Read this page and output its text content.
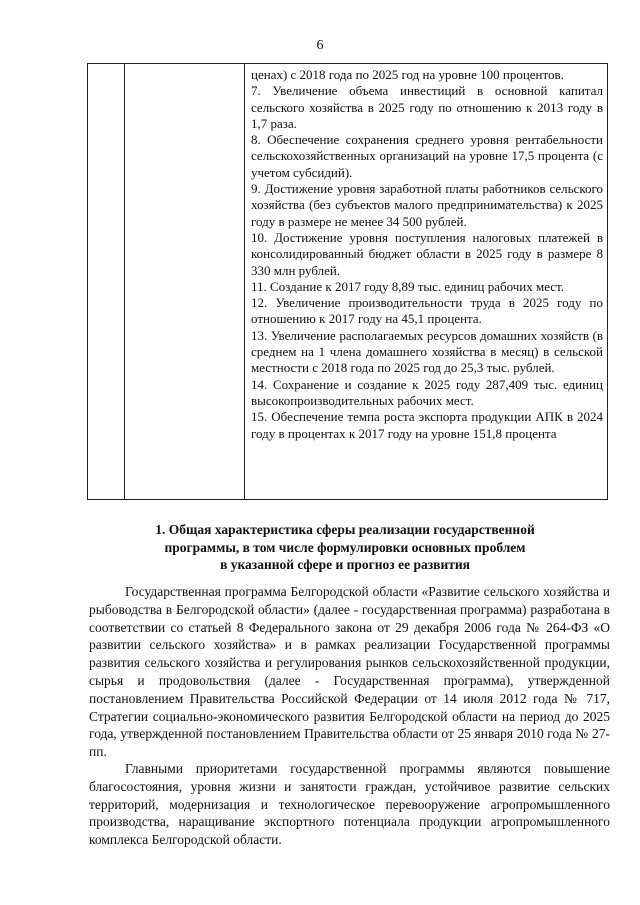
6
ценах) с 2018 года по 2025 год на уровне 100 процентов.
7. Увеличение объема инвестиций в основной капитал сельского хозяйства в 2025 году по отношению к 2013 году в 1,7 раза.
8. Обеспечение сохранения среднего уровня рентабельности сельскохозяйственных организаций на уровне 17,5 процента (с учетом субсидий).
9. Достижение уровня заработной платы работников сельского хозяйства (без субъектов малого предпринимательства) к 2025 году в размере не менее 34 500 рублей.
10. Достижение уровня поступления налоговых платежей в консолидированный бюджет области в 2025 году в размере 8 330 млн рублей.
11. Создание к 2017 году 8,89 тыс. единиц рабочих мест.
12. Увеличение производительности труда в 2025 году по отношению к 2017 году на 45,1 процента.
13. Увеличение располагаемых ресурсов домашних хозяйств (в среднем на 1 члена домашнего хозяйства в месяц) в сельской местности с 2018 года по 2025 год до 25,3 тыс. рублей.
14. Сохранение и создание к 2025 году 287,409 тыс. единиц высокопроизводительных рабочих мест.
15. Обеспечение темпа роста экспорта продукции АПК в 2024 году в процентах к 2017 году на уровне 151,8 процента
1. Общая характеристика сферы реализации государственной
программы, в том числе формулировки основных проблем
в указанной сфере и прогноз ее развития

Государственная программа Белгородской области «Развитие сельского хозяйства и рыбоводства в Белгородской области» (далее - государственная программа) разработана в соответствии со статьей 8 Федерального закона от 29 декабря 2006 года № 264-ФЗ «О развитии сельского хозяйства» и в рамках реализации Государственной программы развития сельского хозяйства и регулирования рынков сельскохозяйственной продукции, сырья и продовольствия (далее - Государственная программа), утвержденной постановлением Правительства Российской Федерации от 14 июля 2012 года № 717, Стратегии социально-экономического развития Белгородской области на период до 2025 года, утвержденной постановлением Правительства области от 25 января 2010 года № 27-пп.

Главными приоритетами государственной программы являются повышение благосостояния, уровня жизни и занятости граждан, устойчивое развитие сельских территорий, модернизация и технологическое перевооружение агропромышленного производства, наращивание экспортного потенциала продукции агропромышленного комплекса Белгородской области.
